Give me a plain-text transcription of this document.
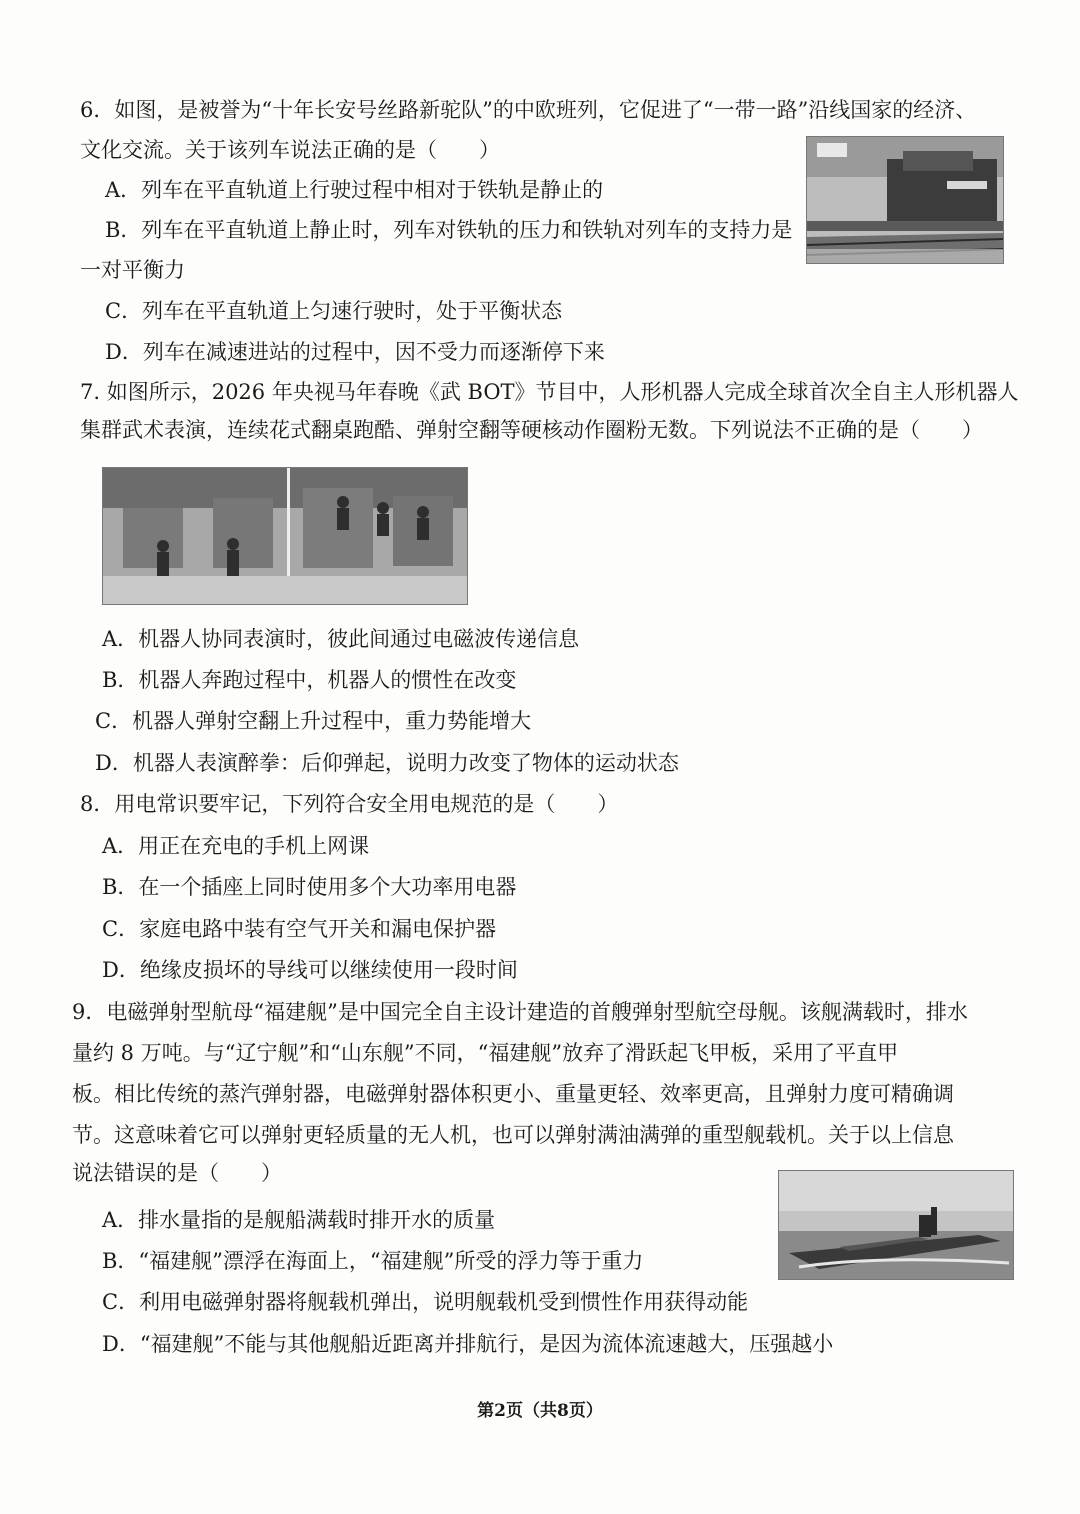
6．如图，是被誉为“十年长安号丝路新驼队”的中欧班列，它促进了“一带一路”沿线国家的经济、
文化交流。关于该列车说法正确的是（　　）
A．列车在平直轨道上行驶过程中相对于铁轨是静止的
B．列车在平直轨道上静止时，列车对铁轨的压力和铁轨对列车的支持力是
一对平衡力
C．列车在平直轨道上匀速行驶时，处于平衡状态
D．列车在减速进站的过程中，因不受力而逐渐停下来
7. 如图所示，2026 年央视马年春晚《武 BOT》节目中，人形机器人完成全球首次全自主人形机器人
集群武术表演，连续花式翻桌跑酷、弹射空翻等硬核动作圈粉无数。下列说法不正确的是（　　）
A．机器人协同表演时，彼此间通过电磁波传递信息
B．机器人奔跑过程中，机器人的惯性在改变
C．机器人弹射空翻上升过程中，重力势能增大
D．机器人表演醉拳：后仰弹起，说明力改变了物体的运动状态
8．用电常识要牢记，下列符合安全用电规范的是（　　）
A．用正在充电的手机上网课
B．在一个插座上同时使用多个大功率用电器
C．家庭电路中装有空气开关和漏电保护器
D．绝缘皮损坏的导线可以继续使用一段时间
9．电磁弹射型航母“福建舰”是中国完全自主设计建造的首艘弹射型航空母舰。该舰满载时，排水
量约 8 万吨。与“辽宁舰”和“山东舰”不同，“福建舰”放弃了滑跃起飞甲板，采用了平直甲
板。相比传统的蒸汽弹射器，电磁弹射器体积更小、重量更轻、效率更高，且弹射力度可精确调
节。这意味着它可以弹射更轻质量的无人机，也可以弹射满油满弹的重型舰载机。关于以上信息
说法错误的是（　　）
A．排水量指的是舰船满载时排开水的质量
B．“福建舰”漂浮在海面上，“福建舰”所受的浮力等于重力
C．利用电磁弹射器将舰载机弹出，说明舰载机受到惯性作用获得动能
D．“福建舰”不能与其他舰船近距离并排航行，是因为流体流速越大，压强越小
第2页（共8页）
